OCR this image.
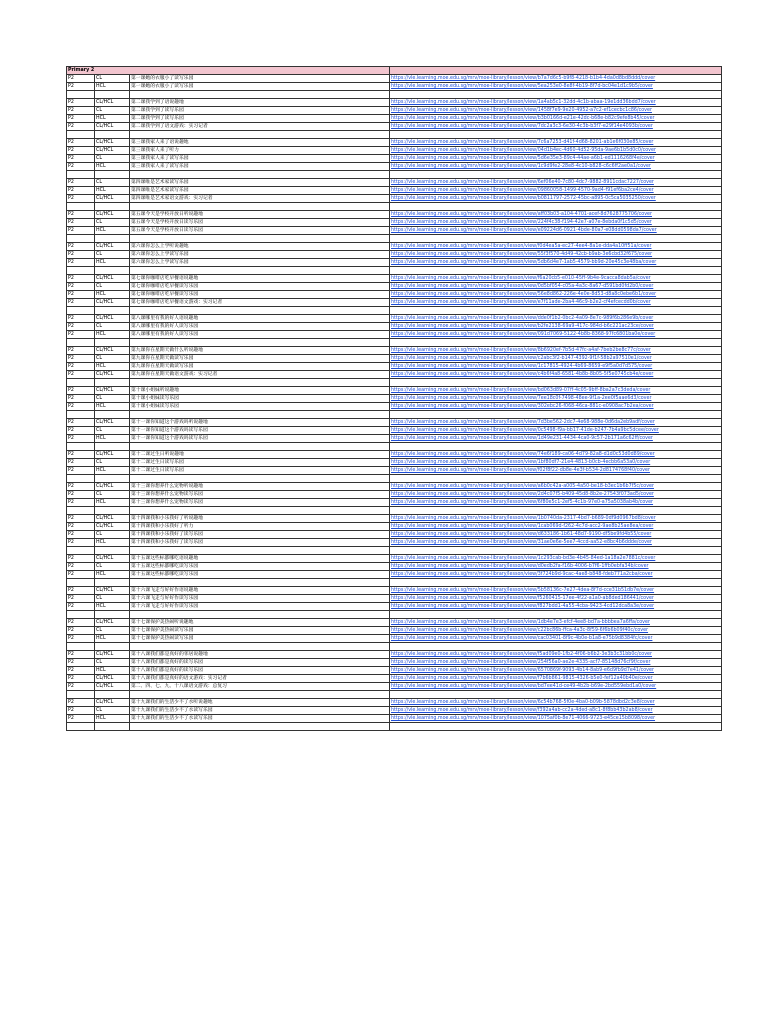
Primary 2			
P2	CL	第一课她的衣服小了读写乐园	https://vle.learning.moe.edu.sg/mrv/moe-library/lesson/view/b7a7d6c5-b9f8-4218-b1b4-4da0d8bd8ddd/cover
P2	HCL	第一课她的衣服小了读写乐园	https://vle.learning.moe.edu.sg/mrv/moe-library/lesson/view/5ea253e0-8e8f-4b19-8f7d-bc04e1d1c9b5/cover

P2	CL/HCL	第二课我学到了语说趣地	https://vle.learning.moe.edu.sg/mrv/moe-library/lesson/view/1a4ab5c1-32dd-4c1b-abaa-19e1dd36bdd7/cover
P2	CL	第二课我学到了读写乐园	https://vle.learning.moe.edu.sg/mrv/moe-library/lesson/view/1458f7e9-9e20-4952-a7c2-ef1cecbc1c86/cover
P2	HCL	第二课我学到了读写乐园	https://vle.learning.moe.edu.sg/mrv/moe-library/lesson/view/b3b0166d-e21e-42dc-b68e-b82c9efe8b45/cover
P2	CL/HCL	第二课我学到了语文游戏：实习记者	https://vle.learning.moe.edu.sg/mrv/moe-library/lesson/view/7dc2a3c3-6e30-4c3b-b3f7-e29f14e4093b/cover

P2	CL/HCL	第三课我家人来了语说趣地	https://vle.learning.moe.edu.sg/mrv/moe-library/lesson/view/7c6a7253-d41f-4d68-8201-ab1e6f030e85/cover
P2	CL/HCL	第三课我家人来了听力	https://vle.learning.moe.edu.sg/mrv/moe-library/lesson/view/04d1b4ec-4d60-4d52-95da-9ae6b1b5d0c0/cover
P2	CL	第三课我家人来了读写乐园	https://vle.learning.moe.edu.sg/mrv/moe-library/lesson/view/5d6e35e3-89c4-44ae-a6b1-ed1116268f4e/cover
P2	HCL	第三课我家人来了读写乐园	https://vle.learning.moe.edu.sg/mrv/moe-library/lesson/view/1c9d9fe2-28e8-4c10-b828-c6c6ff2ae0a1/cover

P2	CL	第四课唯是艺术家读写乐园	https://vle.learning.moe.edu.sg/mrv/moe-library/lesson/view/6ef06e40-7c80-4dc7-9882-8911cdac7227/cover
P2	HCL	第四课唯是艺术家读写乐园	https://vle.learning.moe.edu.sg/mrv/moe-library/lesson/view/09860058-1499-4570-9ad4-f91ef6ba2ce4/cover
P2	CL/HCL	第四课唯是艺术家语文游戏：实习记者	https://vle.learning.moe.edu.sg/mrv/moe-library/lesson/view/b0811797-2572-45bc-a895-0c5ca5035250/cover

P2	CL/HCL	第五课今天是学校开放日听说趣地	https://vle.learning.moe.edu.sg/mrv/moe-library/lesson/view/aff03b03-a104-4701-acef-8d7628775706/cover
P2	CL	第五课今天是学校开放日读写乐园	https://vle.learning.moe.edu.sg/mrv/moe-library/lesson/view/224f4c38-f194-42e7-a07e-8ebda0f1c5d5/cover
P2	HCL	第五课今天是学校开放日读写乐园	https://vle.learning.moe.edu.sg/mrv/moe-library/lesson/view/e09224d6-0921-4bde-80a7-e08dd0598da7/cover

P2	CL/HCL	第六课你怎么上学听说趣地	https://vle.learning.moe.edu.sg/mrv/moe-library/lesson/view/f0d4ea5a-ec27-4ee4-8a1e-dda4a10ff51a/cover
P2	CL	第六课你怎么上学读写乐园	https://vle.learning.moe.edu.sg/mrv/moe-library/lesson/view/55f3f570-4d49-42cb-b9ab-3e6cbd32f675/cover
P2	HCL	第六课你怎么上学读写乐园	https://vle.learning.moe.edu.sg/mrv/moe-library/lesson/view/5db6d4e7-1ab5-4579-bb9d-20e45c3e48ba/cover

P2	CL/HCL	第七课你咖啡店吃早餐语说趣地	https://vle.learning.moe.edu.sg/mrv/moe-library/lesson/view/f6a20cb5-e010-45ff-9b4e-9cacca8dab5a/cover
P2	CL	第七课你咖啡店吃早餐读写乐园	https://vle.learning.moe.edu.sg/mrv/moe-library/lesson/view/0d5bf054-c05a-4a3c-8a67-d591bd0fd2b0/cover
P2	HCL	第七课你咖啡店吃早餐读写乐园	https://vle.learning.moe.edu.sg/mrv/moe-library/lesson/view/56e8d862-226e-4e0e-8d53-d8a8c0ebe6b1/cover
P2	CL/HCL	第七课你咖啡店吃早餐语文游戏：实习记者	https://vle.learning.moe.edu.sg/mrv/moe-library/lesson/view/e7f11ade-2ba4-46c9-b2e2-cf4efcecdd0b/cover

P2	CL/HCL	第八课哪里有我的好人语说趣地	https://vle.learning.moe.edu.sg/mrv/moe-library/lesson/view/dde0f1b2-0bc2-4a09-8e7c-989f6b286e9b/cover
P2	CL	第八课哪里有我的好人读写乐园	https://vle.learning.moe.edu.sg/mrv/moe-library/lesson/view/b2fe2138-69a9-417c-984d-b6c221ac23ce/cover
P2	HCL	第八课哪里有我的好人读写乐园	https://vle.learning.moe.edu.sg/mrv/moe-library/lesson/view/091d7069-5122-4b8b-8368-97fc6801ba0e/cover

P2	CL/HCL	第九课你在星期天做什么听说趣地	https://vle.learning.moe.edu.sg/mrv/moe-library/lesson/view/8b6920ef-7b5d-47fc-a4af-7beb2be8c77c/cover
P2	CL	第九课你在星期天做读写乐园	https://vle.learning.moe.edu.sg/mrv/moe-library/lesson/view/c2abc3f2-b147-4392-9f1f-58b2a97510e1/cover
P2	HCL	第九课你在星期天做读写乐园	https://vle.learning.moe.edu.sg/mrv/moe-library/lesson/view/1c17815-4924-4b69-8659-e9f5a0d7d575/cover
P2	CL/HCL	第九课你在星期天做语文游戏：实习记者	https://vle.learning.moe.edu.sg/mrv/moe-library/lesson/view/c4b6f4a8-6581-4b8b-8b05-5f5e0745cb4e/cover

P2	CL/HCL	第十课小姐妹听说趣地	https://vle.learning.moe.edu.sg/mrv/moe-library/lesson/view/bd063d89-07ff-4c05-9bff-8ba2a7c3deda/cover
P2	CL	第十课小姐妹读写乐园	https://vle.learning.moe.edu.sg/mrv/moe-library/lesson/view/7ee18c0f-7498-48ee-9f1a-2ee0f5aae6d3/cover
P2	HCL	第十课小姐妹读写乐园	https://vle.learning.moe.edu.sg/mrv/moe-library/lesson/view/302ebc26-f068-46ca-881c-e0908ac7b2ea/cover

P2	CL/HCL	第十一课你知道这个游戏吗听说趣地	https://vle.learning.moe.edu.sg/mrv/moe-library/lesson/view/7d3be562-2dc7-4e68-988e-0d6da2eb9adf/cover
P2	CL	第十一课你知道这个游戏吗读写乐园	https://vle.learning.moe.edu.sg/mrv/moe-library/lesson/view/0c5498-f9a-bb17-41de-b247-7b4a9bc5dcee/cover
P2	HCL	第十一课你知道这个游戏吗读写乐园	https://vle.learning.moe.edu.sg/mrv/moe-library/lesson/view/1d49e231-4434-4ca0-9c57-2b171a6c62ff/cover

P2	CL/HCL	第十二课过生日听说趣地	https://vle.learning.moe.edu.sg/mrv/moe-library/lesson/view/74e6f189-ca06-4d79-82a8-d1d0c53d0d89/cover
P2	CL	第十二课过生日读写乐园	https://vle.learning.moe.edu.sg/mrv/moe-library/lesson/view/1bf80df7-21e4-4813-b0cb-4ecbb6a53a0/cover
P2	HCL	第十二课过生日读写乐园	https://vle.learning.moe.edu.sg/mrv/moe-library/lesson/view/f02f8f22-db8e-4e3f-b534-2d8174768f40/cover

P2	CL/HCL	第十三课你想养什么宠物听说趣地	https://vle.learning.moe.edu.sg/mrv/moe-library/lesson/view/a6b0c42a-a005-4a50-be18-b3ec1b6b7f5c/cover
P2	CL	第十三课你想养什么宠物读写乐园	https://vle.learning.moe.edu.sg/mrv/moe-library/lesson/view/2d4c07f5-b409-45d8-8b2e-27543f073ad5/cover
P2	HCL	第十三课你想养什么宠物读写乐园	https://vle.learning.moe.edu.sg/mrv/moe-library/lesson/view/6f80e5c1-2ef5-4c1b-97e0-a75a5038ab4b/cover

P2	CL/HCL	第十四课我和小乐我好了听说趣地	https://vle.learning.moe.edu.sg/mrv/moe-library/lesson/view/1b0740da-2317-4bd7-b689-0df9d0967bd8/cover
P2	CL/HCL	第十四课我和小乐我好了听力	https://vle.learning.moe.edu.sg/mrv/moe-library/lesson/view/1cab069d-f262-4c7d-acc2-9ae8b25ae8ea/cover
P2	CL	第十四课我和小乐我好了读写乐园	https://vle.learning.moe.edu.sg/mrv/moe-library/lesson/view/d633186-1b61-48d7-9190-df5be9fd4b55/cover
P2	HCL	第十四课我和小乐我好了读写乐园	https://vle.learning.moe.edu.sg/mrv/moe-library/lesson/view/31ae0e6e-5ee7-4ccd-aa52-e8bc4b6ddde/cover

P2	CL/HCL	第十五课这些标都哪吃语说趣地	https://vle.learning.moe.edu.sg/mrv/moe-library/lesson/view/1c293cab-bd3e-4b45-84ed-1a18a2e7881c/cover
P2	CL	第十五课这些标都哪吃读写乐园	https://vle.learning.moe.edu.sg/mrv/moe-library/lesson/view/d0edb2fa-f16b-4006-b7f6-1ffb0ebfa34b/cover
P2	HCL	第十五课这些标都哪吃读写乐园	https://vle.learning.moe.edu.sg/mrv/moe-library/lesson/view/3f724b9d-9cac-4ae8-b848-fdeb771a2cba/cover

P2	CL/HCL	第十六课飞走与好好作语说趣地	https://vle.learning.moe.edu.sg/mrv/moe-library/lesson/view/5b58136c-7e27-4dea-8f7d-cce31b51db7e/cover
P2	CL	第十六课飞走与好好作读写乐园	https://vle.learning.moe.edu.sg/mrv/moe-library/lesson/view/f5260415-17ee-4f22-a1a0-ab8ded186441/cover
P2	HCL	第十六课飞走与好好作读写乐园	https://vle.learning.moe.edu.sg/mrv/moe-library/lesson/view/f827bdd1-4a55-4cba-9423-4cd12dca8a3e/cover

P2	CL/HCL	第十七课保护美热闹听说趣地	https://vle.learning.moe.edu.sg/mrv/moe-library/lesson/view/1db4e7e3-efcf-4ee8-bd7a-bbbbea7a6ffa/cover
P2	CL	第十七课保护美热闹读写乐园	https://vle.learning.moe.edu.sg/mrv/moe-library/lesson/view/c22bc86b-ffca-4a3c-8f59-6f6b6b09f40c/cover
P2	HCL	第十七课保护美热闹读写乐园	https://vle.learning.moe.edu.sg/mrv/moe-library/lesson/view/cac03401-8f9c-4b0e-b1a8-e75b9d8384fc/cover

P2	CL/HCL	第十八课我们都是真好的邻居说趣地	https://vle.learning.moe.edu.sg/mrv/moe-library/lesson/view/f5ad09e0-1fb2-4f06-b6b2-3e3b3c31bb0c/cover
P2	CL	第十八课我们都是真好的读写乐园	https://vle.learning.moe.edu.sg/mrv/moe-library/lesson/view/254f56a0-ae2e-4335-acf7-85148d76cf9f/cover
P2	HCL	第十八课我们都是真好的读写乐园	https://vle.learning.moe.edu.sg/mrv/moe-library/lesson/view/6570869f-9093-4b14-8ab9-e6d9fb9d7e41/cover
P2	CL/HCL	第十八课我们都是真好的语文游戏：实习记者	https://vle.learning.moe.edu.sg/mrv/moe-library/lesson/view/f7b6b861-9815-4326-b5e0-fef12a40b40e/cover
P2	CL/HCL	第二、四、七、九、十八课语文游戏：总复习	https://vle.learning.moe.edu.sg/mrv/moe-library/lesson/view/bd7ee41d-ce49-4b2b-b69e-2bd559ebd1a0/cover

P2	CL/HCL	第十九课我们的生活少不了水听说趣地	https://vle.learning.moe.edu.sg/mrv/moe-library/lesson/view/6c54b768-5f0e-4ba0-b09b-5878dbd2c3e8/cover
P2	CL	第十九课我们的生活少不了水读写乐园	https://vle.learning.moe.edu.sg/mrv/moe-library/lesson/view/f392a4ab-cc2a-4ded-a8c1-8f8bb43b2ab8/cover
P2	HCL	第十九课我们的生活少不了水读写乐园	https://vle.learning.moe.edu.sg/mrv/moe-library/lesson/view/1075af0b-8e71-4066-9723-e45ce15b8098/cover
